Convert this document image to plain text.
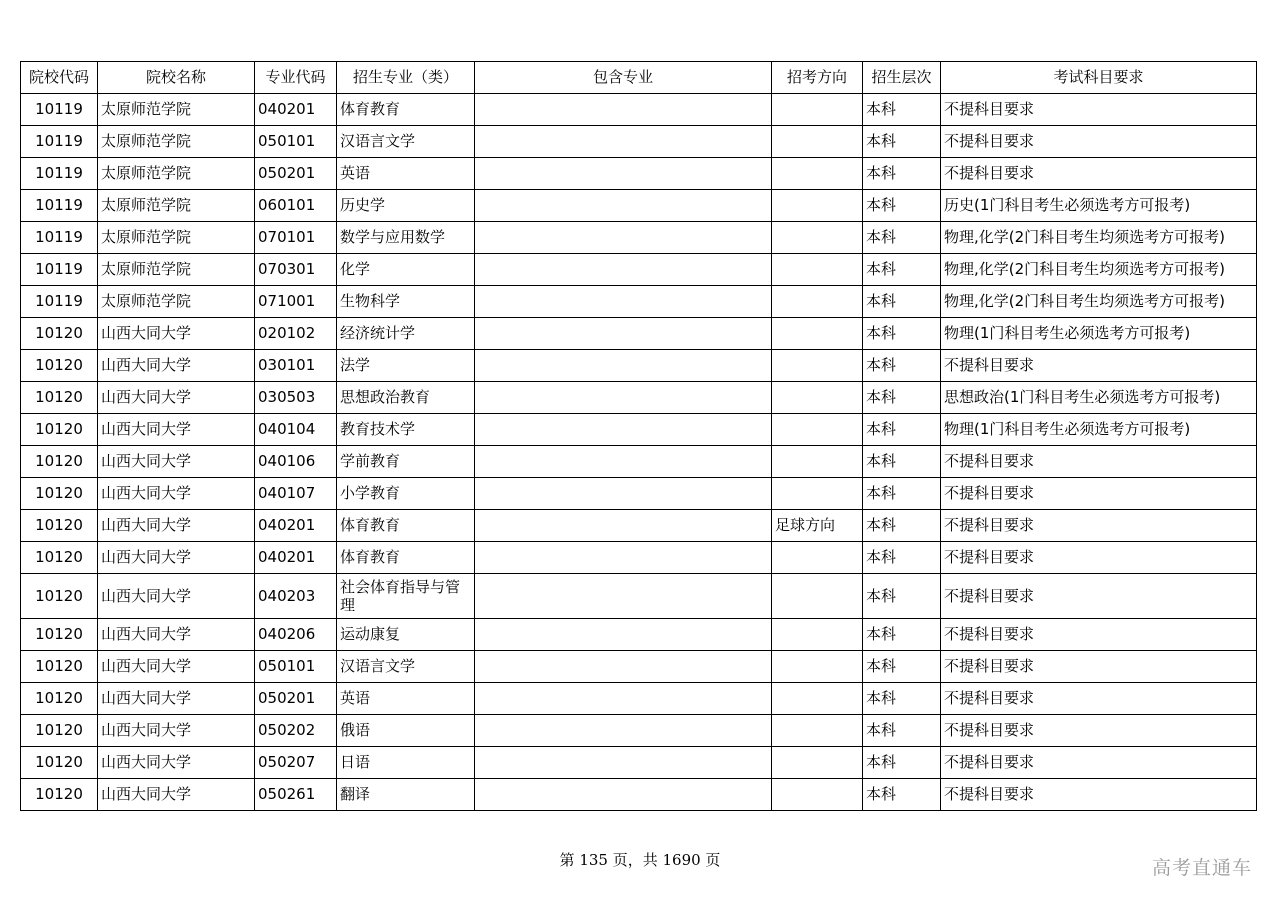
院校代码	院校名称	专业代码	招生专业（类）	包含专业	招考方向	招生层次	考试科目要求
10119	太原师范学院	040201	体育教育			本科	不提科目要求
10119	太原师范学院	050101	汉语言文学			本科	不提科目要求
10119	太原师范学院	050201	英语			本科	不提科目要求
10119	太原师范学院	060101	历史学			本科	历史(1门科目考生必须选考方可报考)
10119	太原师范学院	070101	数学与应用数学			本科	物理,化学(2门科目考生均须选考方可报考)
10119	太原师范学院	070301	化学			本科	物理,化学(2门科目考生均须选考方可报考)
10119	太原师范学院	071001	生物科学			本科	物理,化学(2门科目考生均须选考方可报考)
10120	山西大同大学	020102	经济统计学			本科	物理(1门科目考生必须选考方可报考)
10120	山西大同大学	030101	法学			本科	不提科目要求
10120	山西大同大学	030503	思想政治教育			本科	思想政治(1门科目考生必须选考方可报考)
10120	山西大同大学	040104	教育技术学			本科	物理(1门科目考生必须选考方可报考)
10120	山西大同大学	040106	学前教育			本科	不提科目要求
10120	山西大同大学	040107	小学教育			本科	不提科目要求
10120	山西大同大学	040201	体育教育		足球方向	本科	不提科目要求
10120	山西大同大学	040201	体育教育			本科	不提科目要求
10120	山西大同大学	040203	社会体育指导与管理			本科	不提科目要求
10120	山西大同大学	040206	运动康复			本科	不提科目要求
10120	山西大同大学	050101	汉语言文学			本科	不提科目要求
10120	山西大同大学	050201	英语			本科	不提科目要求
10120	山西大同大学	050202	俄语			本科	不提科目要求
10120	山西大同大学	050207	日语			本科	不提科目要求
10120	山西大同大学	050261	翻译			本科	不提科目要求
第 135 页，共 1690 页	高考直通车
